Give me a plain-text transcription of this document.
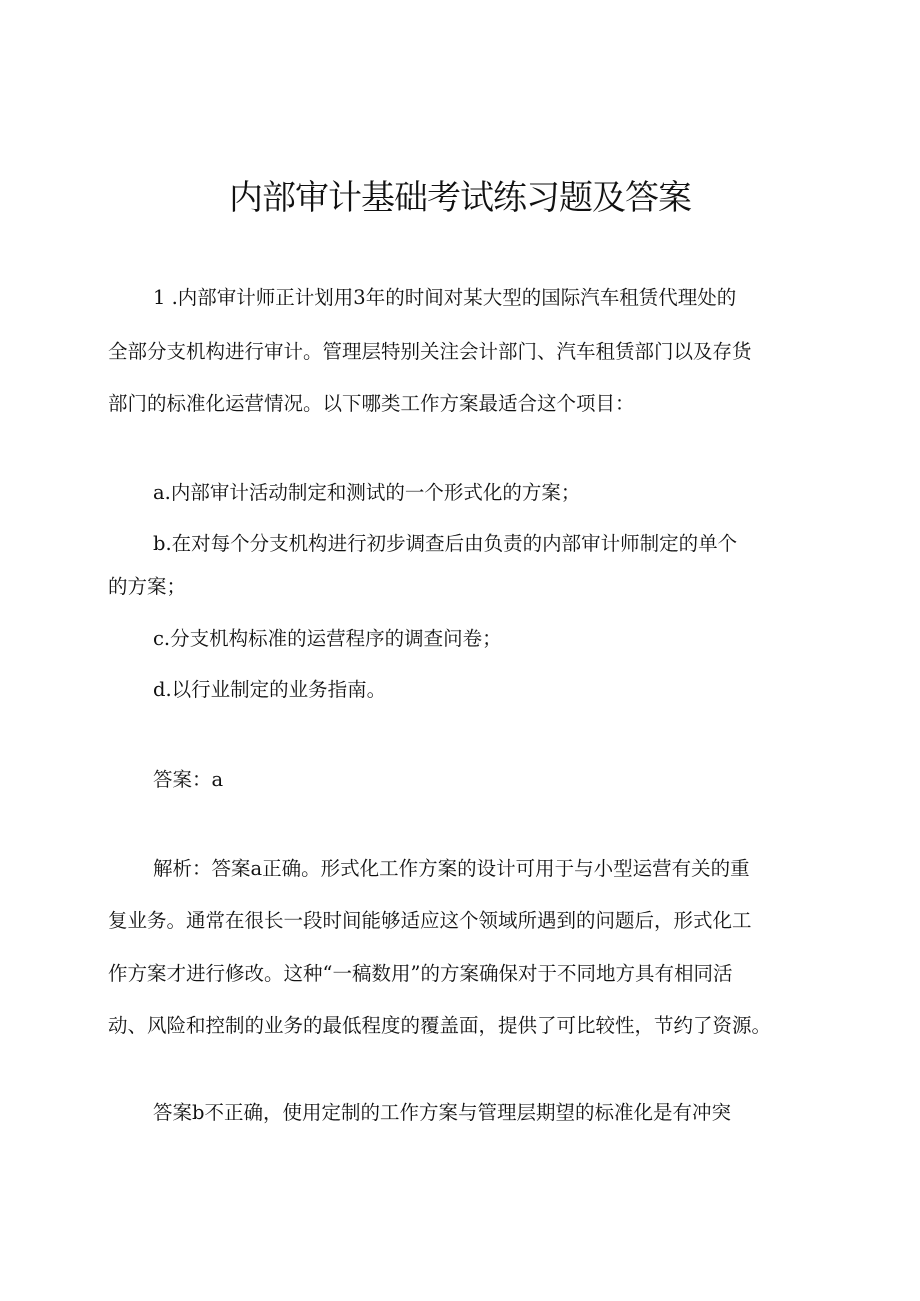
内部审计基础考试练习题及答案
1 .内部审计师正计划用3年的时间对某大型的国际汽车租赁代理处的
全部分支机构进行审计。管理层特别关注会计部门、汽车租赁部门以及存货
部门的标准化运营情况。以下哪类工作方案最适合这个项目：
a.内部审计活动制定和测试的一个形式化的方案；
b.在对每个分支机构进行初步调查后由负责的内部审计师制定的单个
的方案；
c.分支机构标准的运营程序的调查问卷；
d.以行业制定的业务指南。
答案：a
解析：答案a正确。形式化工作方案的设计可用于与小型运营有关的重
复业务。通常在很长一段时间能够适应这个领域所遇到的问题后，形式化工
作方案才进行修改。这种“一稿数用”的方案确保对于不同地方具有相同活
动、风险和控制的业务的最低程度的覆盖面，提供了可比较性，节约了资源。
答案b不正确，使用定制的工作方案与管理层期望的标准化是有冲突
